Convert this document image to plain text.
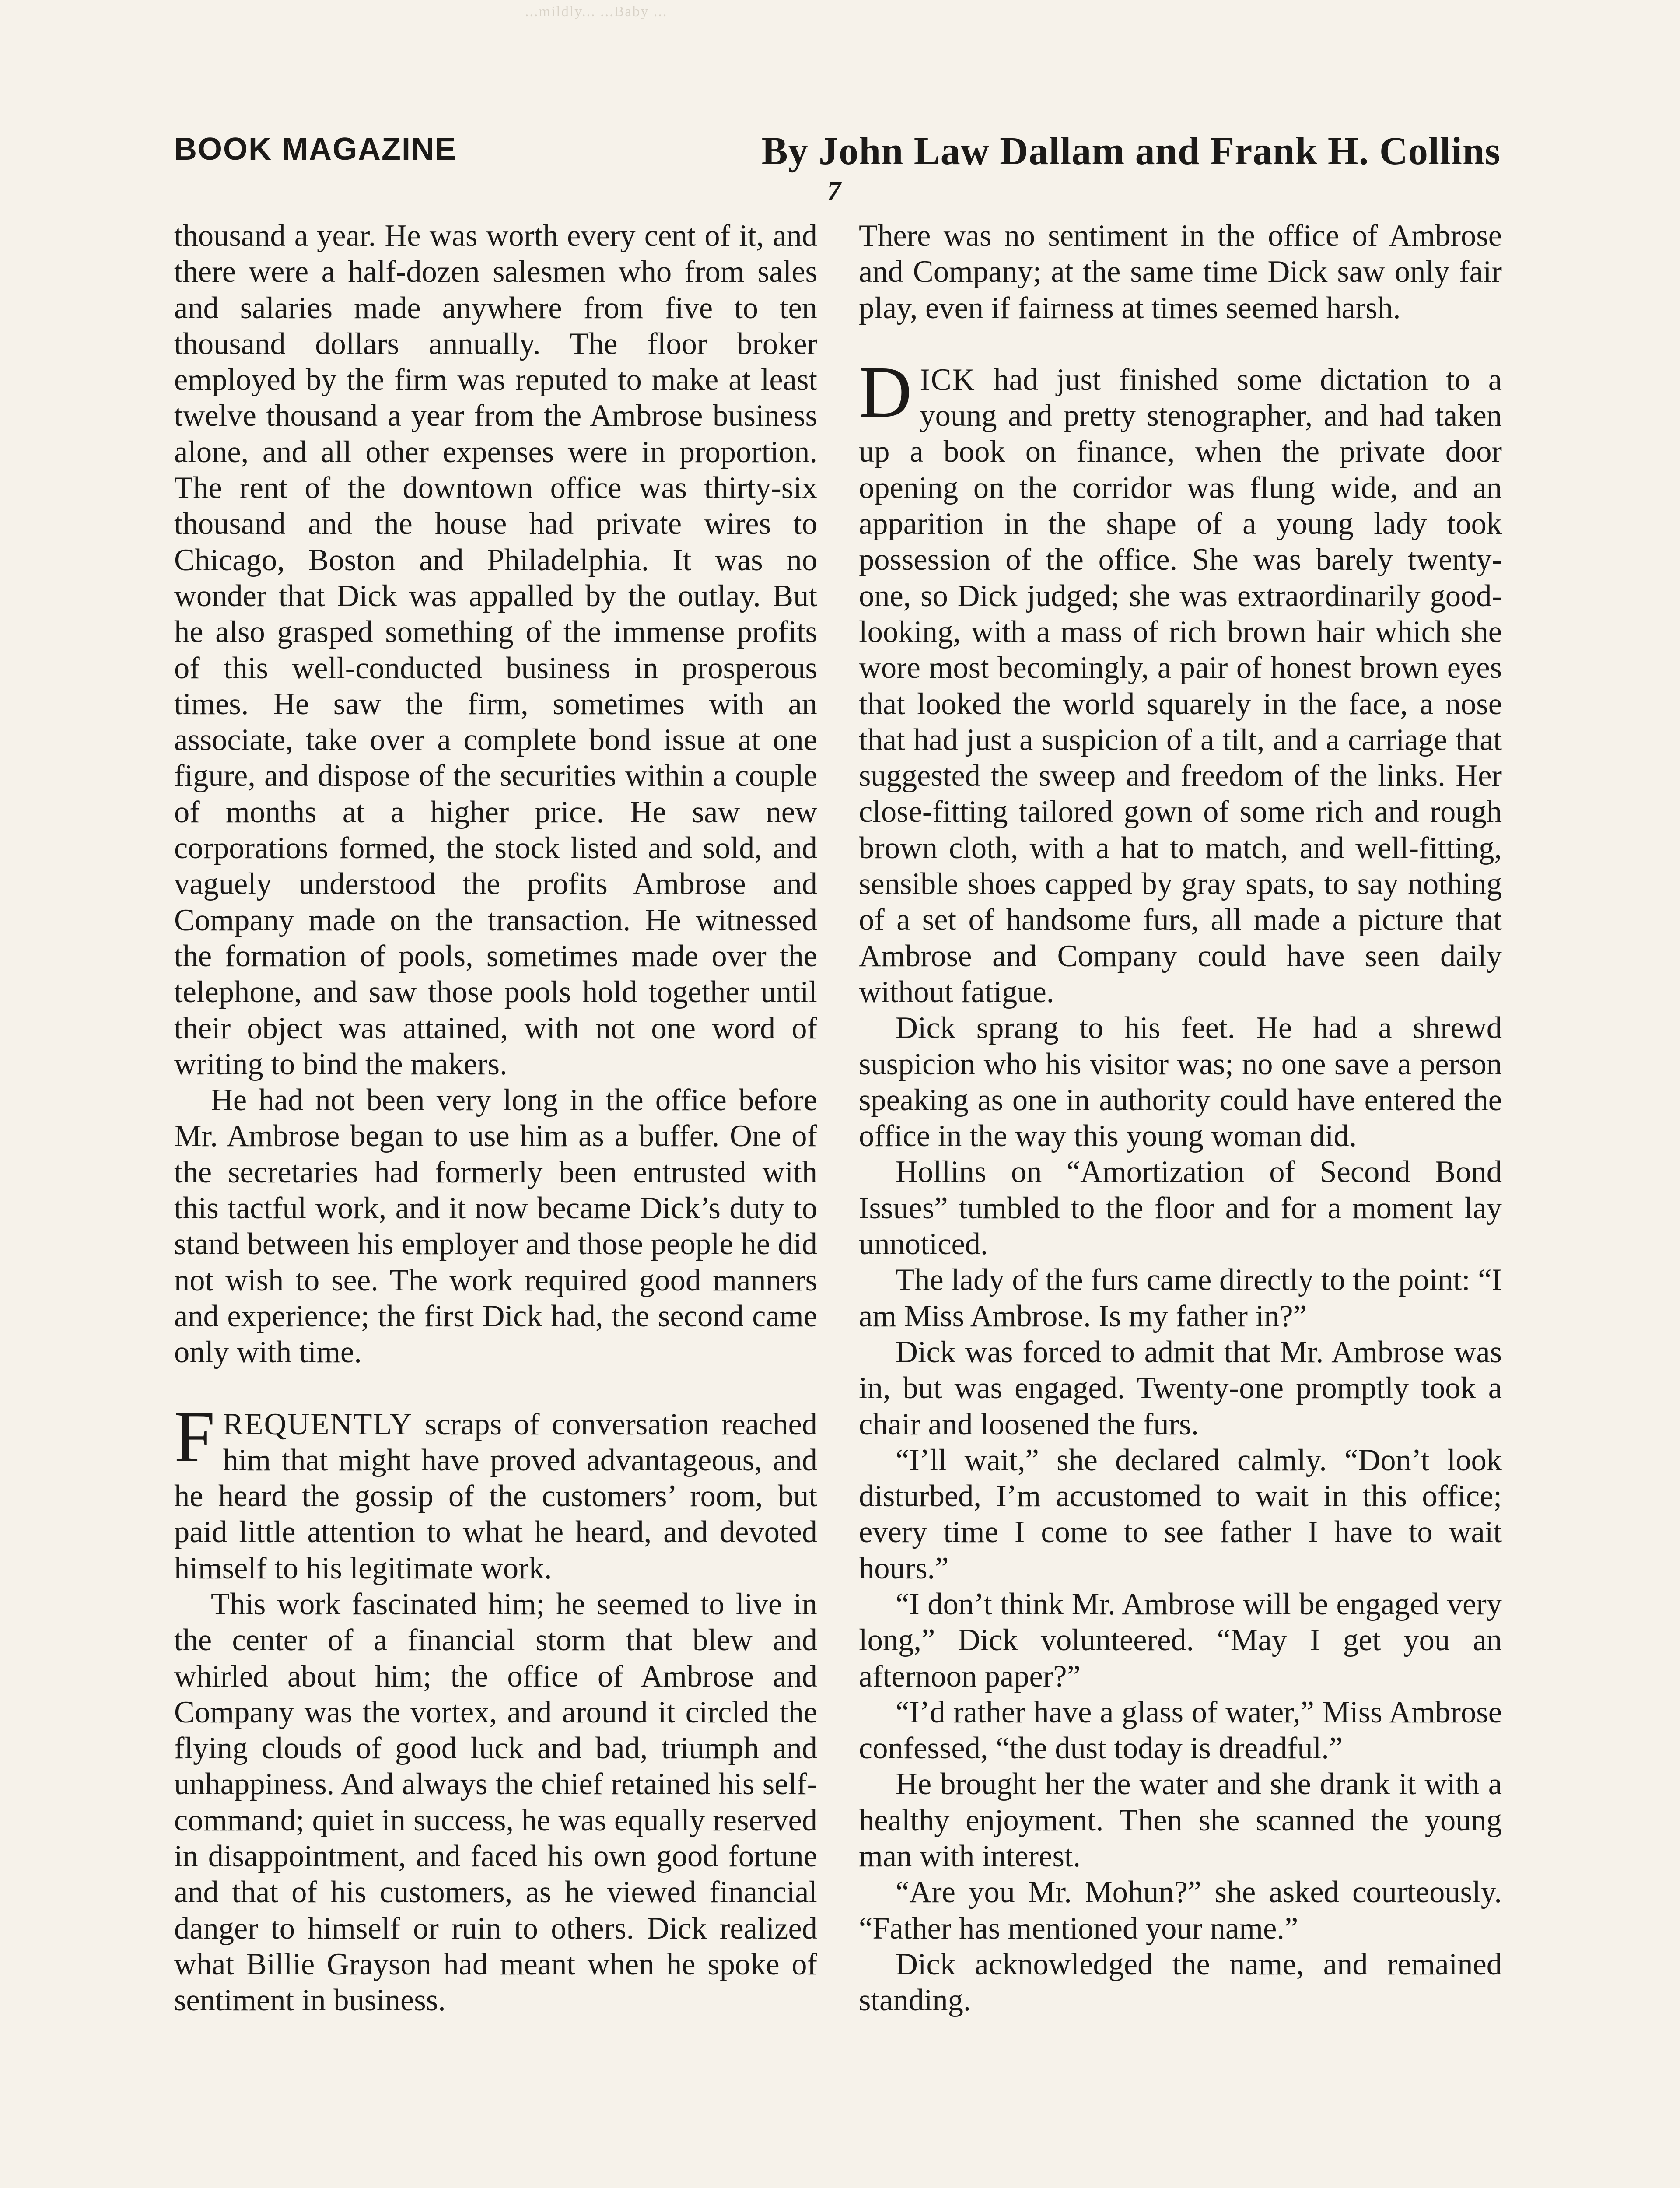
...mildly... ...Baby ...
BOOK MAGAZINE	By John Law Dallam and Frank H. Collins
7

thousand a year. He was worth every cent of it, and there were a half-dozen salesmen who from sales and salaries made anywhere from five to ten thousand dollars annually. The floor broker employed by the firm was reputed to make at least twelve thousand a year from the Ambrose business alone, and all other expenses were in proportion. The rent of the downtown office was thirty-six thousand and the house had private wires to Chicago, Boston and Philadelphia. It was no wonder that Dick was appalled by the outlay. But he also grasped something of the immense profits of this well-conducted business in prosperous times. He saw the firm, sometimes with an associate, take over a complete bond issue at one figure, and dispose of the securities within a couple of months at a higher price. He saw new corporations formed, the stock listed and sold, and vaguely understood the profits Ambrose and Company made on the transaction. He witnessed the formation of pools, sometimes made over the telephone, and saw those pools hold together until their object was attained, with not one word of writing to bind the makers.

He had not been very long in the office before Mr. Ambrose began to use him as a buffer. One of the secretaries had formerly been entrusted with this tactful work, and it now became Dick’s duty to stand between his employer and those people he did not wish to see. The work required good manners and experience; the first Dick had, the second came only with time.

FREQUENTLY scraps of conversation reached him that might have proved advantageous, and he heard the gossip of the customers’ room, but paid little attention to what he heard, and devoted himself to his legitimate work.

This work fascinated him; he seemed to live in the center of a financial storm that blew and whirled about him; the office of Ambrose and Company was the vortex, and around it circled the flying clouds of good luck and bad, triumph and unhappiness. And always the chief retained his self-command; quiet in success, he was equally reserved in disappointment, and faced his own good fortune and that of his customers, as he viewed financial danger to himself or ruin to others. Dick realized what Billie Grayson had meant when he spoke of sentiment in business.

There was no sentiment in the office of Ambrose and Company; at the same time Dick saw only fair play, even if fairness at times seemed harsh.

DICK had just finished some dictation to a young and pretty stenographer, and had taken up a book on finance, when the private door opening on the corridor was flung wide, and an apparition in the shape of a young lady took possession of the office. She was barely twenty-one, so Dick judged; she was extraordinarily good-looking, with a mass of rich brown hair which she wore most becomingly, a pair of honest brown eyes that looked the world squarely in the face, a nose that had just a suspicion of a tilt, and a carriage that suggested the sweep and freedom of the links. Her close-fitting tailored gown of some rich and rough brown cloth, with a hat to match, and well-fitting, sensible shoes capped by gray spats, to say nothing of a set of handsome furs, all made a picture that Ambrose and Company could have seen daily without fatigue.

Dick sprang to his feet. He had a shrewd suspicion who his visitor was; no one save a person speaking as one in authority could have entered the office in the way this young woman did.

Hollins on “Amortization of Second Bond Issues” tumbled to the floor and for a moment lay unnoticed.

The lady of the furs came directly to the point: “I am Miss Ambrose. Is my father in?”

Dick was forced to admit that Mr. Ambrose was in, but was engaged. Twenty-one promptly took a chair and loosened the furs.

“I’ll wait,” she declared calmly. “Don’t look disturbed, I’m accustomed to wait in this office; every time I come to see father I have to wait hours.”

“I don’t think Mr. Ambrose will be engaged very long,” Dick volunteered. “May I get you an afternoon paper?”

“I’d rather have a glass of water,” Miss Ambrose confessed, “the dust today is dreadful.”

He brought her the water and she drank it with a healthy enjoyment. Then she scanned the young man with interest.

“Are you Mr. Mohun?” she asked courteously. “Father has mentioned your name.”

Dick acknowledged the name, and remained standing.
